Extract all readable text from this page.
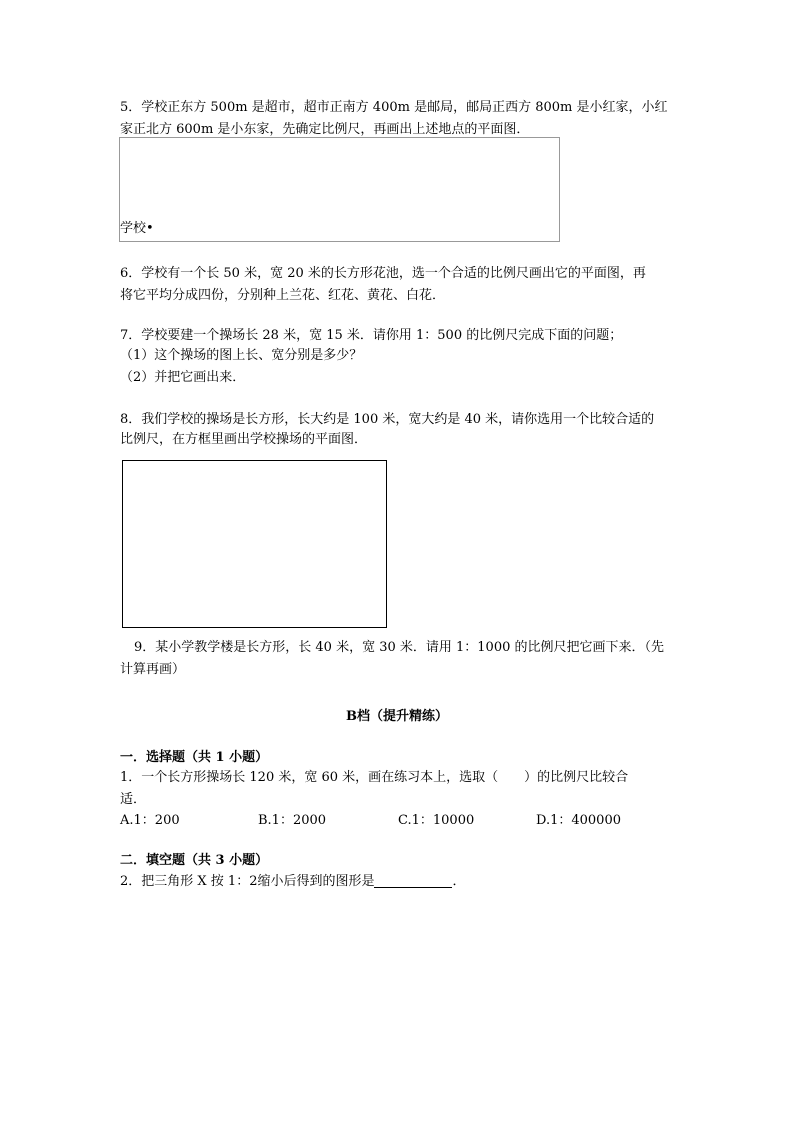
5．学校正东方 500m 是超市，超市正南方 400m 是邮局，邮局正西方 800m 是小红家，小红
家正北方 600m 是小东家，先确定比例尺，再画出上述地点的平面图．
学校•
6．学校有一个长 50 米，宽 20 米的长方形花池，选一个合适的比例尺画出它的平面图，再
将它平均分成四份，分别种上兰花、红花、黄花、白花．
7．学校要建一个操场长 28 米，宽 15 米．请你用 1：500 的比例尺完成下面的问题；
（1）这个操场的图上长、宽分别是多少？
（2）并把它画出来．
8．我们学校的操场是长方形，长大约是 100 米，宽大约是 40 米，请你选用一个比较合适的
比例尺，在方框里画出学校操场的平面图．
9．某小学教学楼是长方形，长 40 米，宽 30 米．请用 1：1000 的比例尺把它画下来．（先
计算再画）
B档（提升精练）
一．选择题（共 1 小题）
1．一个长方形操场长 120 米，宽 60 米，画在练习本上，选取（　　）的比例尺比较合
适．
A.1：200	B.1：2000	C.1：10000	D.1：400000
二．填空题（共 3 小题）
2．把三角形 X 按 1：2缩小后得到的图形是	．
